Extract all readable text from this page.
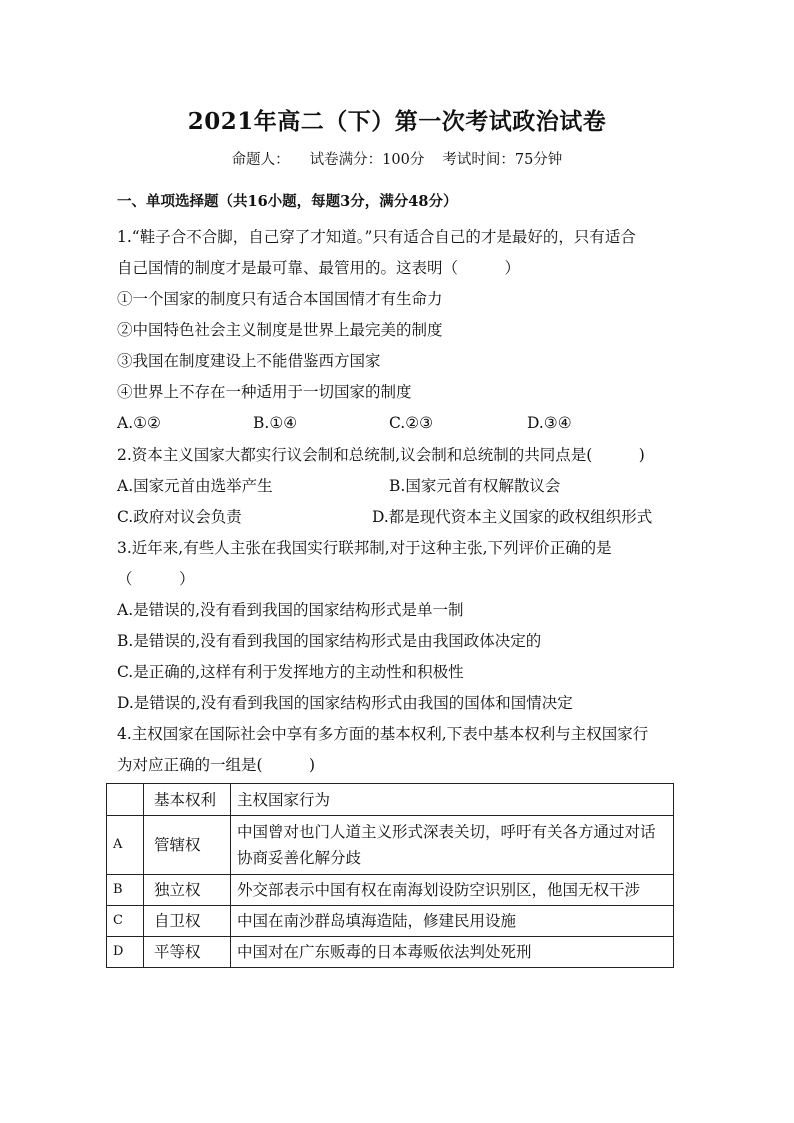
2021年高二（下）第一次考试政治试卷
命题人： 试卷满分：100分 考试时间：75分钟
一、单项选择题（共16小题，每题3分，满分48分）
1.“鞋子合不合脚，自己穿了才知道。”只有适合自己的才是最好的，只有适合
自己国情的制度才是最可靠、最管用的。这表明（　　　）
①一个国家的制度只有适合本国国情才有生命力
②中国特色社会主义制度是世界上最完美的制度
③我国在制度建设上不能借鉴西方国家
④世界上不存在一种适用于一切国家的制度
A.①②	B.①④	C.②③	D.③④
2.资本主义国家大都实行议会制和总统制,议会制和总统制的共同点是(　　　)
A.国家元首由选举产生	B.国家元首有权解散议会
C.政府对议会负责	D.都是现代资本主义国家的政权组织形式
3.近年来,有些人主张在我国实行联邦制,对于这种主张,下列评价正确的是
（　　　）
A.是错误的,没有看到我国的国家结构形式是单一制
B.是错误的,没有看到我国的国家结构形式是由我国政体决定的
C.是正确的,这样有利于发挥地方的主动性和积极性
D.是错误的,没有看到我国的国家结构形式由我国的国体和国情决定
4.主权国家在国际社会中享有多方面的基本权利,下表中基本权利与主权国家行
为对应正确的一组是(　　　)
	基本权利	主权国家行为
A	管辖权	中国曾对也门人道主义形式深表关切，呼吁有关各方通过对话
协商妥善化解分歧

B	独立权	外交部表示中国有权在南海划设防空识别区，他国无权干涉
C	自卫权	中国在南沙群岛填海造陆，修建民用设施
D	平等权	中国对在广东贩毒的日本毒贩依法判处死刑
